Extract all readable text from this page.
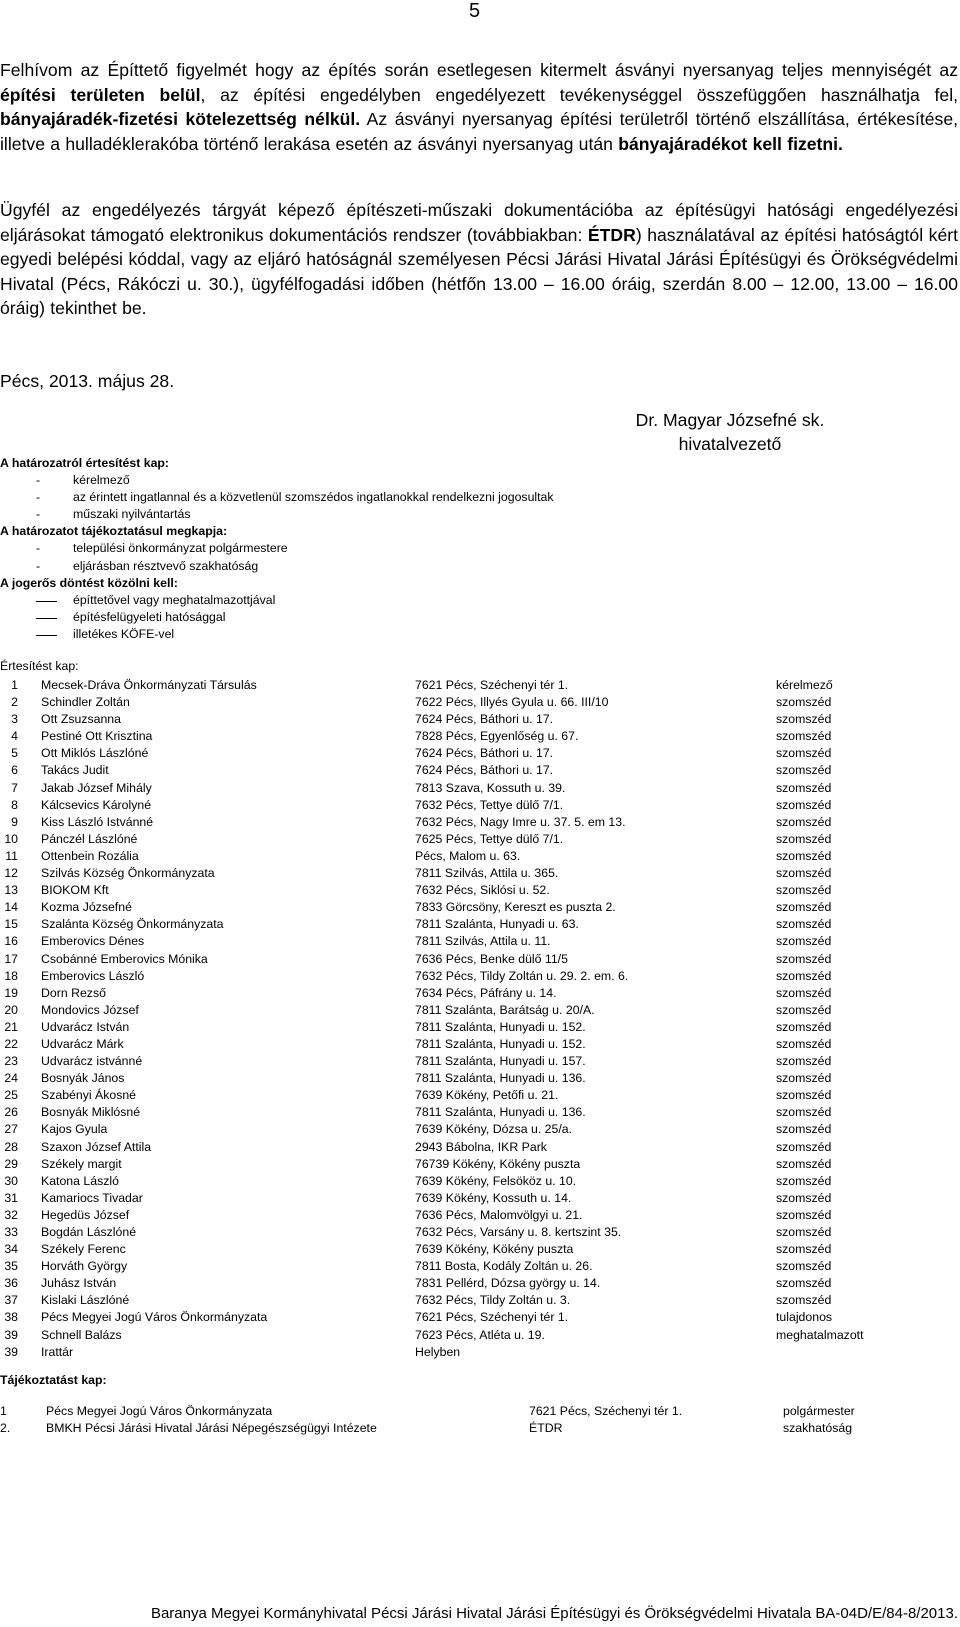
5
Felhívom az Építtető figyelmét hogy az építés során esetlegesen kitermelt ásványi nyersanyag teljes mennyiségét az építési területen belül, az építési engedélyben engedélyezett tevékenységgel összefüggően használhatja fel, bányajáradék-fizetési kötelezettség nélkül. Az ásványi nyersanyag építési területről történő elszállítása, értékesítése, illetve a hulladéklerakóba történő lerakása esetén az ásványi nyersanyag után bányajáradékot kell fizetni.
Ügyfél az engedélyezés tárgyát képező építészeti-műszaki dokumentációba az építésügyi hatósági engedélyezési eljárásokat támogató elektronikus dokumentációs rendszer (továbbiakban: ÉTDR) használatával az építési hatóságtól kért egyedi belépési kóddal, vagy az eljáró hatóságnál személyesen Pécsi Járási Hivatal Járási Építésügyi és Örökségvédelmi Hivatal (Pécs, Rákóczi u. 30.), ügyfélfogadási időben (hétfőn 13.00 – 16.00 óráig, szerdán 8.00 – 12.00, 13.00 – 16.00 óráig) tekinthet be.
Pécs, 2013. május 28.
Dr. Magyar Józsefné sk.
hivatalvezető
A határozatról értesítést kap:
-	kérelmező
-	az érintett ingatlannal és a közvetlenül szomszédos ingatlanokkal rendelkezni jogosultak
-	műszaki nyilvántartás
A határozatot tájékoztatásul megkapja:
-	települési önkormányzat polgármestere
-	eljárásban résztvevő szakhatóság
A jogerős döntést közölni kell:
építtetővel vagy meghatalmazottjával
építésfelügyeleti hatósággal
illetékes KÖFE-vel
Értesítést kap:
1 Mecsek-Dráva Önkormányzati Társulás	7621 Pécs, Széchenyi tér 1.	kérelmező
2 Schindler Zoltán	7622 Pécs, Illyés Gyula u. 66. III/10	szomszéd
3 Ott Zsuzsanna	7624 Pécs, Báthori u. 17.	szomszéd
4 Pestiné Ott Krisztina	7828 Pécs, Egyenlőség u. 67.	szomszéd
5 Ott Miklós Lászlóné	7624 Pécs, Báthori u. 17.	szomszéd
6 Takács Judit	7624 Pécs, Báthori u. 17.	szomszéd
7 Jakab József Mihály	7813 Szava, Kossuth u. 39.	szomszéd
8 Kálcsevics Károlyné	7632 Pécs, Tettye dülő 7/1.	szomszéd
9 Kiss László Istvánné	7632 Pécs, Nagy Imre u. 37. 5. em 13.	szomszéd
10 Pánczél Lászlóné	7625 Pécs, Tettye dülő 7/1.	szomszéd
11 Ottenbein Rozália	Pécs, Malom u. 63.	szomszéd
12 Szilvás Község Önkormányzata	7811 Szilvás, Attila u. 365.	szomszéd
13 BIOKOM Kft	7632 Pécs, Siklósi u. 52.	szomszéd
14 Kozma Józsefné	7833 Görcsöny, Kereszt es puszta 2.	szomszéd
15 Szalánta Község Önkormányzata	7811 Szalánta, Hunyadi u. 63.	szomszéd
16 Emberovics Dénes	7811 Szilvás, Attila u. 11.	szomszéd
17 Csobánné Emberovics Mónika	7636 Pécs, Benke dülő 11/5	szomszéd
18 Emberovics László	7632 Pécs, Tildy Zoltán u. 29. 2. em. 6.	szomszéd
19 Dorn Rezső	7634 Pécs, Páfrány u. 14.	szomszéd
20 Mondovics József	7811 Szalánta, Barátság u. 20/A.	szomszéd
21 Udvarácz István	7811 Szalánta, Hunyadi u. 152.	szomszéd
22 Udvarácz Márk	7811 Szalánta, Hunyadi u. 152.	szomszéd
23 Udvarácz istvánné	7811 Szalánta, Hunyadi u. 157.	szomszéd
24 Bosnyák János	7811 Szalánta, Hunyadi u. 136.	szomszéd
25 Szabényi Ákosné	7639 Kökény, Petőfi u. 21.	szomszéd
26 Bosnyák Miklósné	7811 Szalánta, Hunyadi u. 136.	szomszéd
27 Kajos Gyula	7639 Kökény, Dózsa u. 25/a.	szomszéd
28 Szaxon József Attila	2943 Bábolna, IKR Park	szomszéd
29 Székely margit	76739 Kökény, Kökény puszta	szomszéd
30 Katona László	7639 Kökény, Felsököz u. 10.	szomszéd
31 Kamariocs Tivadar	7639 Kökény, Kossuth u. 14.	szomszéd
32 Hegedüs József	7636 Pécs, Malomvölgyi u. 21.	szomszéd
33 Bogdán Lászlóné	7632 Pécs, Varsány u. 8. kertszint 35.	szomszéd
34 Székely Ferenc	7639 Kökény, Kökény puszta	szomszéd
35 Horváth György	7811 Bosta, Kodály Zoltán u. 26.	szomszéd
36 Juhász István	7831 Pellérd, Dózsa györgy u. 14.	szomszéd
37 Kislaki Lászlóné	7632 Pécs, Tildy Zoltán u. 3.	szomszéd
38 Pécs Megyei Jogú Város Önkormányzata	7621 Pécs, Széchenyi tér 1.	tulajdonos
39 Schnell Balázs	7623 Pécs, Atléta u. 19.	meghatalmazott
39 Irattár	Helyben
Tájékoztatást kap:
1	Pécs Megyei Jogú Város Önkormányzata	7621 Pécs, Széchenyi tér 1.	polgármester
2.	BMKH Pécsi Járási Hivatal Járási Népegészségügyi Intézete	ÉTDR	szakhatóság
Baranya Megyei Kormányhivatal Pécsi Járási Hivatal Járási Építésügyi és Örökségvédelmi Hivatala BA-04D/E/84-8/2013.
